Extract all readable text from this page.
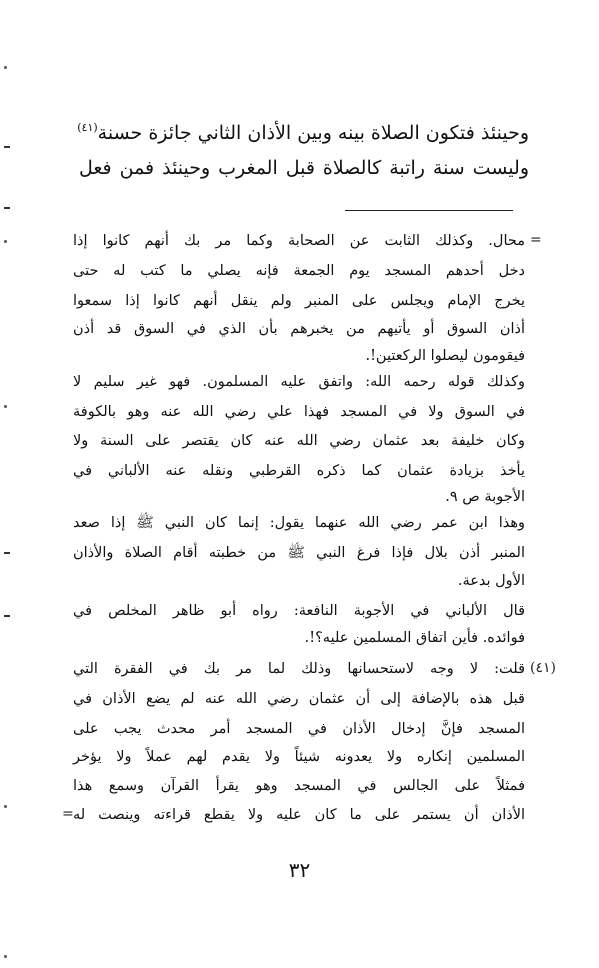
وحينئذ فتكون الصلاة بينه وبين الأذان الثاني جائزة حسنة$^{(٤١)}$
وليست سنة راتبة كالصلاة قبل المغرب وحينئذ فمن فعل
=
محال. وكذلك الثابت عن الصحابة وكما مر بك أنهم كانوا إذا
دخل أحدهم المسجد يوم الجمعة فإنه يصلي ما كتب له حتى
يخرج الإمام ويجلس على المنبر ولم ينقل أنهم كانوا إذا سمعوا
أذان السوق أو يأتيهم من يخبرهم بأن الذي في السوق قد أذن
فيقومون ليصلوا الركعتين!.
وكذلك قوله رحمه الله: واتفق عليه المسلمون. فهو غير سليم لا
في السوق ولا في المسجد فهذا علي رضي الله عنه وهو بالكوفة
وكان خليفة بعد عثمان رضي الله عنه كان يقتصر على السنة ولا
يأخذ بزيادة عثمان كما ذكره القرطبي ونقله عنه الألباني في
الأجوبة ص ٩.
وهذا ابن عمر رضي الله عنهما يقول: إنما كان النبي ﷺ إذا صعد
المنبر أذن بلال فإذا فرغ النبي ﷺ من خطبته أقام الصلاة والأذان
الأول بدعة.
قال الألباني في الأجوبة النافعة: رواه أبو ظاهر المخلص في
فوائده. فأين اتفاق المسلمين عليه؟!.
(٤١)
قلت: لا وجه لاستحسانها وذلك لما مر بك في الفقرة التي
قبل هذه بالإضافة إلى أن عثمان رضي الله عنه لم يضع الأذان في
المسجد فإنَّ إدخال الأذان في المسجد أمر محدث يجب على
المسلمين إنكاره ولا يعدونه شيئاً ولا يقدم لهم عملاً ولا يؤخر
فمثلاً على الجالس في المسجد وهو يقرأ القرآن وسمع هذا
الأذان أن يستمر على ما كان عليه ولا يقطع قراءته وينصت له
=
٣٢
